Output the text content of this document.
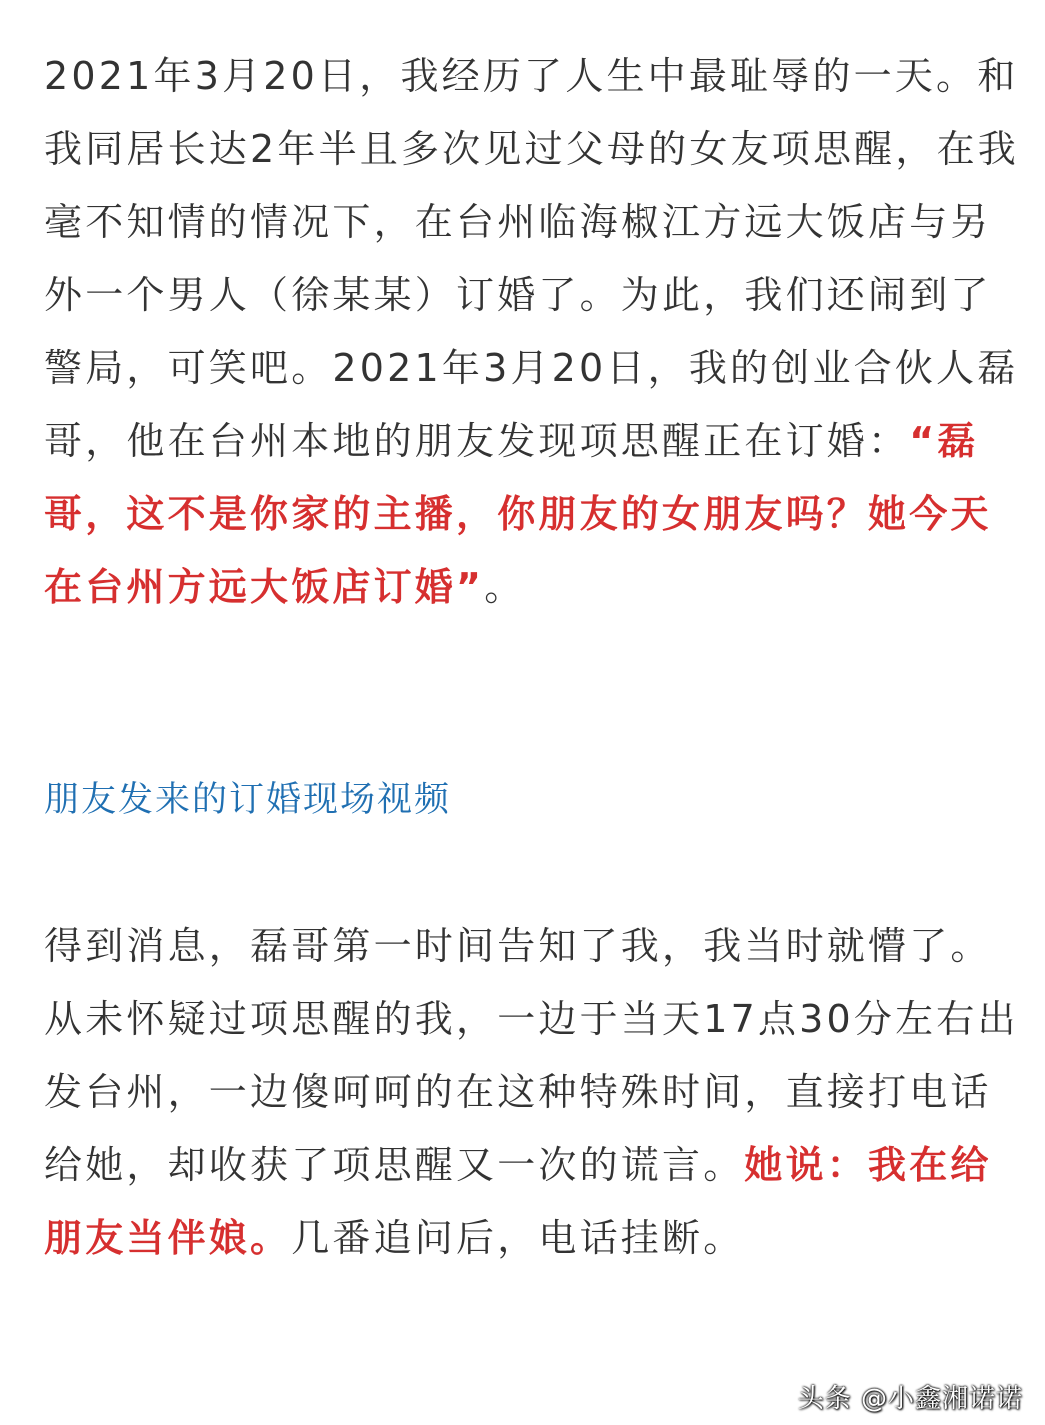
2021年3月20日，我经历了人生中最耻辱的一天。和我同居长达2年半且多次见过父母的女友项思醒，在我毫不知情的情况下，在台州临海椒江方远大饭店与另外一个男人（徐某某）订婚了。为此，我们还闹到了警局，可笑吧。2021年3月20日，我的创业合伙人磊哥，他在台州本地的朋友发现项思醒正在订婚：“磊哥，这不是你家的主播，你朋友的女朋友吗？她今天在台州方远大饭店订婚”。

朋友发来的订婚现场视频

得到消息，磊哥第一时间告知了我，我当时就懵了。从未怀疑过项思醒的我，一边于当天17点30分左右出发台州，一边傻呵呵的在这种特殊时间，直接打电话给她，却收获了项思醒又一次的谎言。她说：我在给朋友当伴娘。几番追问后，电话挂断。

头条 @小鑫湘诺诺
